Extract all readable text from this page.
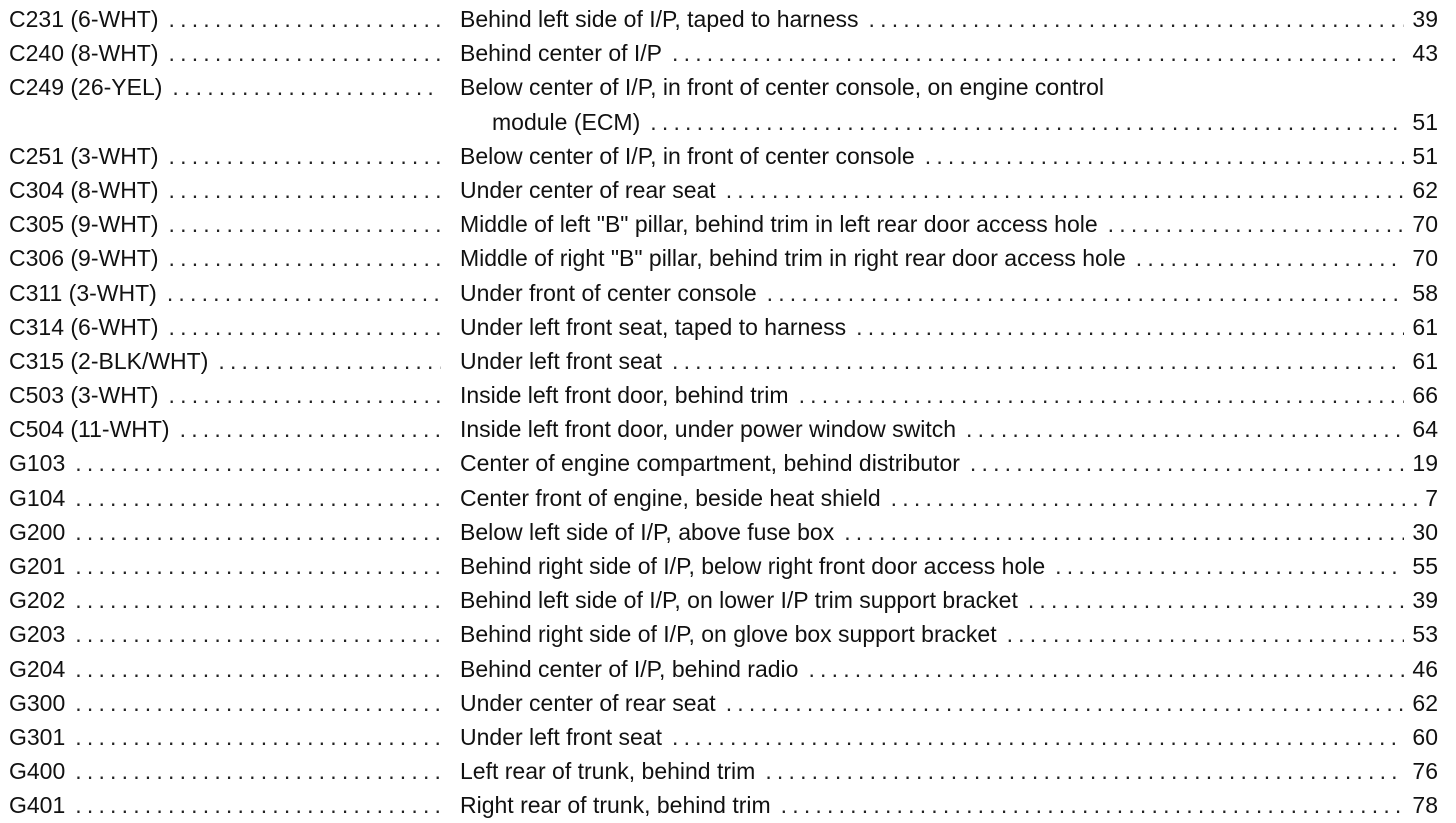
C231 (6-WHT) .....	Behind left side of I/P, taped to harness .....	39
C240 (8-WHT) .....	Behind center of I/P .....	43
C249 (26-YEL) .....	Below center of I/P, in front of center console, on engine control
module (ECM) .....	51
C251 (3-WHT) .....	Below center of I/P, in front of center console .....	51
C304 (8-WHT) .....	Under center of rear seat .....	62
C305 (9-WHT) .....	Middle of left "B" pillar, behind trim in left rear door access hole .....	70
C306 (9-WHT) .....	Middle of right "B" pillar, behind trim in right rear door access hole .....	70
C311 (3-WHT) .....	Under front of center console .....	58
C314 (6-WHT) .....	Under left front seat, taped to harness .....	61
C315 (2-BLK/WHT) .....	Under left front seat .....	61
C503 (3-WHT) .....	Inside left front door, behind trim .....	66
C504 (11-WHT) .....	Inside left front door, under power window switch .....	64
G103 .....	Center of engine compartment, behind distributor .....	19
G104 .....	Center front of engine, beside heat shield .....	7
G200 .....	Below left side of I/P, above fuse box .....	30
G201 .....	Behind right side of I/P, below right front door access hole .....	55
G202 .....	Behind left side of I/P, on lower I/P trim support bracket .....	39
G203 .....	Behind right side of I/P, on glove box support bracket .....	53
G204 .....	Behind center of I/P, behind radio .....	46
G300 .....	Under center of rear seat .....	62
G301 .....	Under left front seat .....	60
G400 .....	Left rear of trunk, behind trim .....	76
G401 .....	Right rear of trunk, behind trim .....	78
